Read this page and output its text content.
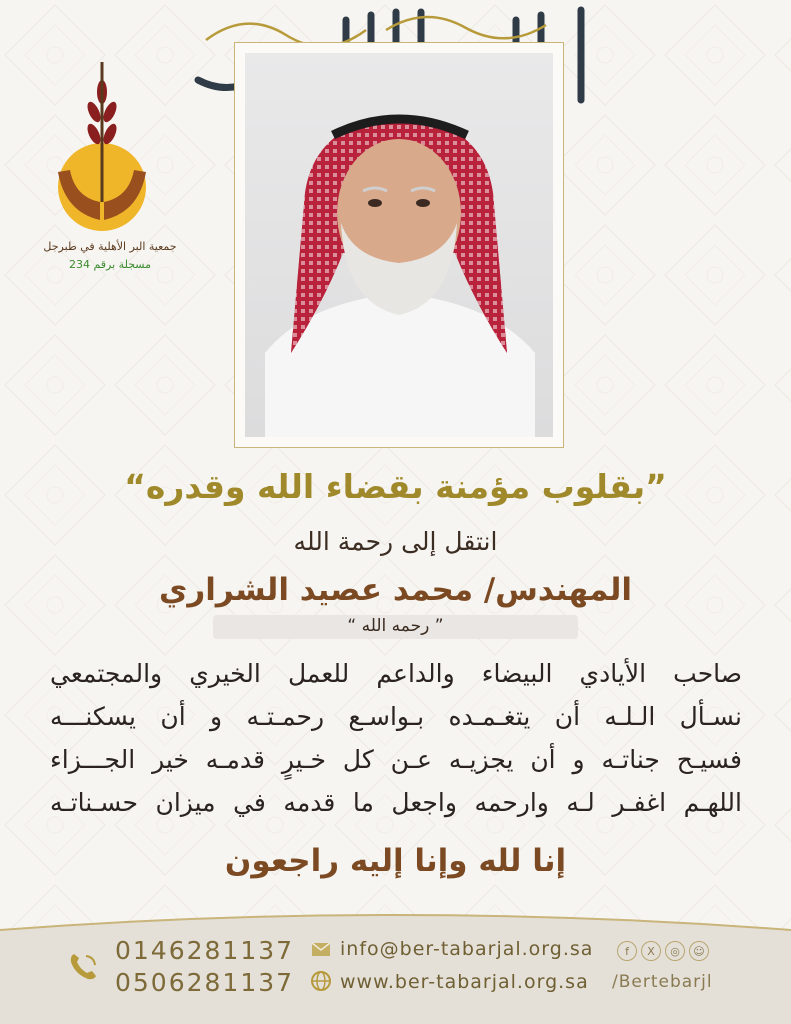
جمعية البر الأهلية في طبرجل
مسجلة برقم 234
”بقلوب مؤمنة بقضاء الله وقدره“
انتقل إلى رحمة الله
المهندس/ محمد عصيد الشراري
” رحمه الله “
صاحب الأيادي البيضاء والداعم للعمل الخيري والمجتمعي
نسـأل الـلـه أن يتغـمـده بـواسـع رحمـتـه و أن يسكنـــه
فسيـح جناتـه و أن يجزيـه عـن كل خـيرٍ قدمـه خير الجـــزاء
اللهـم اغفـر لـه وارحمه واجعل ما قدمه في ميزان حسـناتـه
إنا لله وإنا إليه راجعون
0146281137
0506281137
info@ber-tabarjal.org.sa
www.ber-tabarjal.org.sa
f	X	◎	☺
/Bertebarjl
